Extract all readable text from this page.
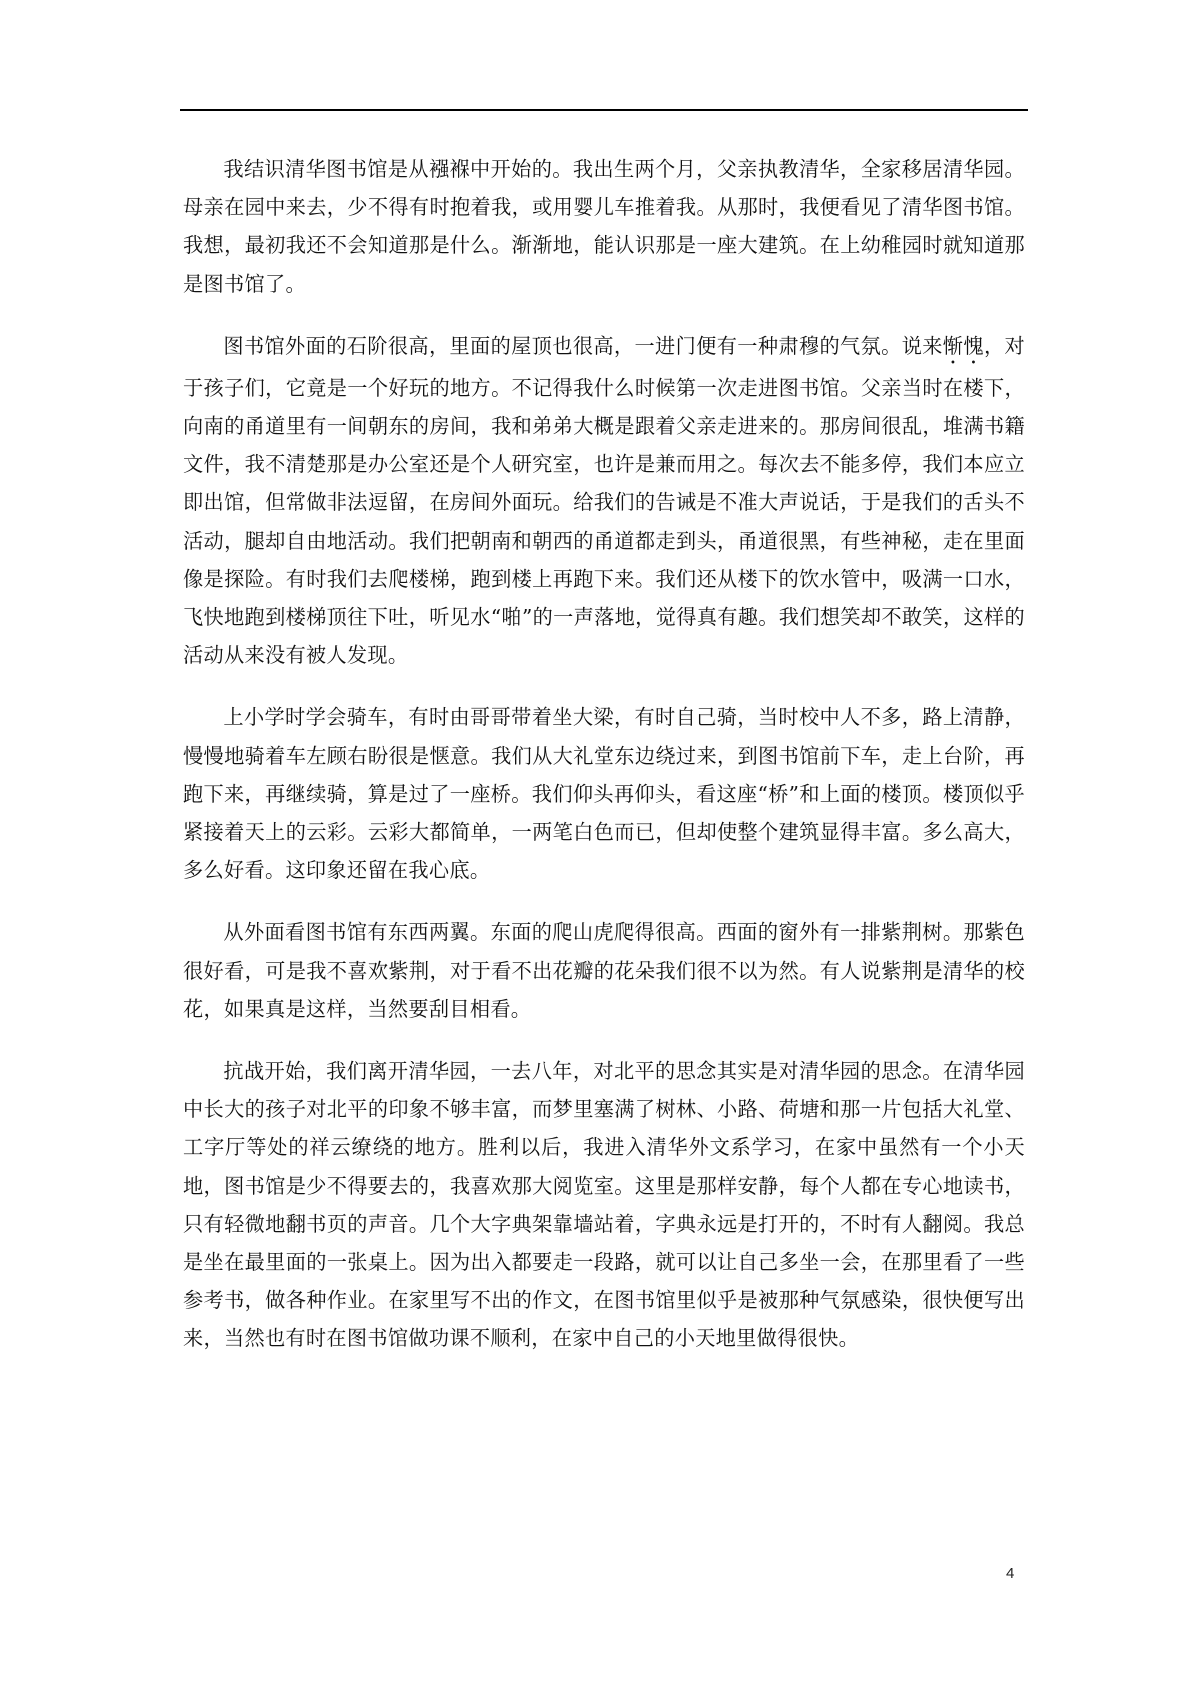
我结识清华图书馆是从襁褓中开始的。我出生两个月，父亲执教清华，全家移居清华园。母亲在园中来去，少不得有时抱着我，或用婴儿车推着我。从那时，我便看见了清华图书馆。我想，最初我还不会知道那是什么。渐渐地，能认识那是一座大建筑。在上幼稚园时就知道那是图书馆了。

图书馆外面的石阶很高，里面的屋顶也很高，一进门便有一种肃穆的气氛。说来惭愧，对于孩子们，它竟是一个好玩的地方。不记得我什么时候第一次走进图书馆。父亲当时在楼下，向南的甬道里有一间朝东的房间，我和弟弟大概是跟着父亲走进来的。那房间很乱，堆满书籍文件，我不清楚那是办公室还是个人研究室，也许是兼而用之。每次去不能多停，我们本应立即出馆，但常做非法逗留，在房间外面玩。给我们的告诫是不准大声说话，于是我们的舌头不活动，腿却自由地活动。我们把朝南和朝西的甬道都走到头，甬道很黑，有些神秘，走在里面像是探险。有时我们去爬楼梯，跑到楼上再跑下来。我们还从楼下的饮水管中，吸满一口水，飞快地跑到楼梯顶往下吐，听见水“啪”的一声落地，觉得真有趣。我们想笑却不敢笑，这样的活动从来没有被人发现。

上小学时学会骑车，有时由哥哥带着坐大梁，有时自己骑，当时校中人不多，路上清静，慢慢地骑着车左顾右盼很是惬意。我们从大礼堂东边绕过来，到图书馆前下车，走上台阶，再跑下来，再继续骑，算是过了一座桥。我们仰头再仰头，看这座“桥”和上面的楼顶。楼顶似乎紧接着天上的云彩。云彩大都简单，一两笔白色而已，但却使整个建筑显得丰富。多么高大，多么好看。这印象还留在我心底。

从外面看图书馆有东西两翼。东面的爬山虎爬得很高。西面的窗外有一排紫荆树。那紫色很好看，可是我不喜欢紫荆，对于看不出花瓣的花朵我们很不以为然。有人说紫荆是清华的校花，如果真是这样，当然要刮目相看。

抗战开始，我们离开清华园，一去八年，对北平的思念其实是对清华园的思念。在清华园中长大的孩子对北平的印象不够丰富，而梦里塞满了树林、小路、荷塘和那一片包括大礼堂、工字厅等处的祥云缭绕的地方。胜利以后，我进入清华外文系学习，在家中虽然有一个小天地，图书馆是少不得要去的，我喜欢那大阅览室。这里是那样安静，每个人都在专心地读书，只有轻微地翻书页的声音。几个大字典架靠墙站着，字典永远是打开的，不时有人翻阅。我总是坐在最里面的一张桌上。因为出入都要走一段路，就可以让自己多坐一会，在那里看了一些参考书，做各种作业。在家里写不出的作文，在图书馆里似乎是被那种气氛感染，很快便写出来，当然也有时在图书馆做功课不顺利，在家中自己的小天地里做得很快。

4
